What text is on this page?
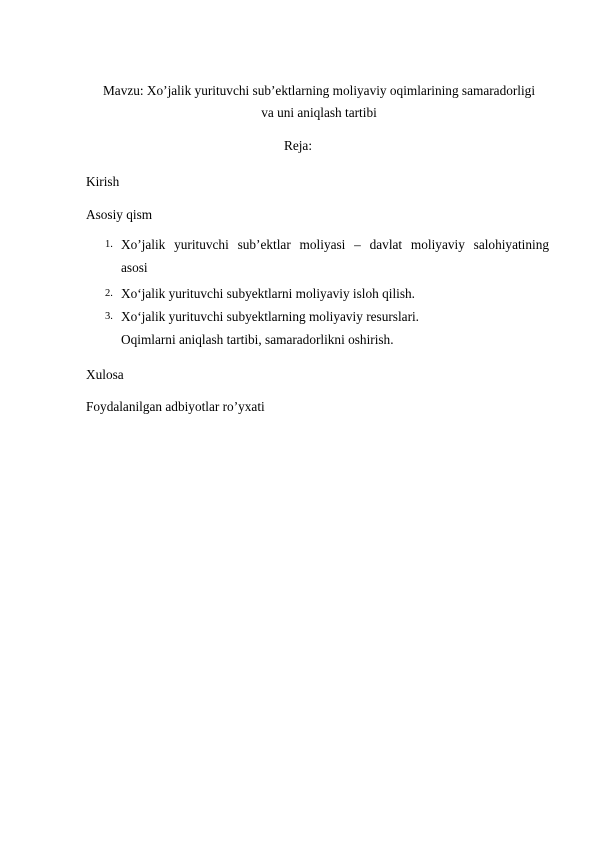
Mavzu: Xo’jalik yurituvchi sub’ektlarning moliyaviy oqimlarining samaradorligi
va uni aniqlash tartibi
Reja:
Kirish
Asosiy qism
1. Xo’jalik yurituvchi sub’ektlar moliyasi – davlat moliyaviy salohiyatining
asosi
2. Xo‘jalik yurituvchi subyektlarni moliyaviy isloh qilish.
3. Xo‘jalik yurituvchi subyektlarning moliyaviy resurslari.
Oqimlarni aniqlash tartibi, samaradorlikni oshirish.
Xulosa
Foydalanilgan adbiyotlar ro’yxati
